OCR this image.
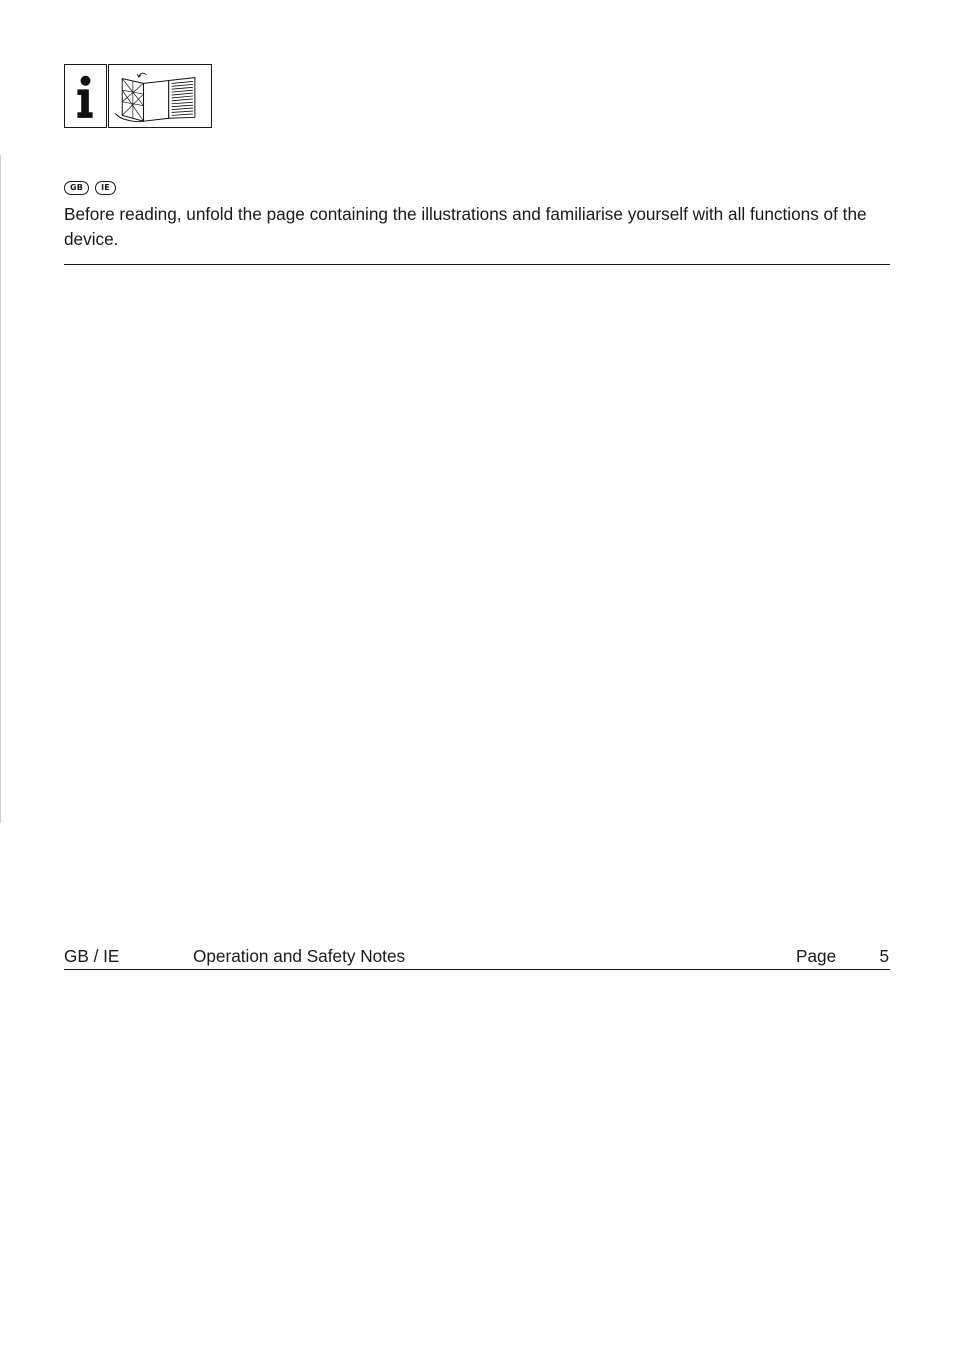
GB	IE

Before reading, unfold the page containing the illustrations and familiarise yourself with all functions of the device.

GB / IE	Operation and Safety Notes	Page	5
